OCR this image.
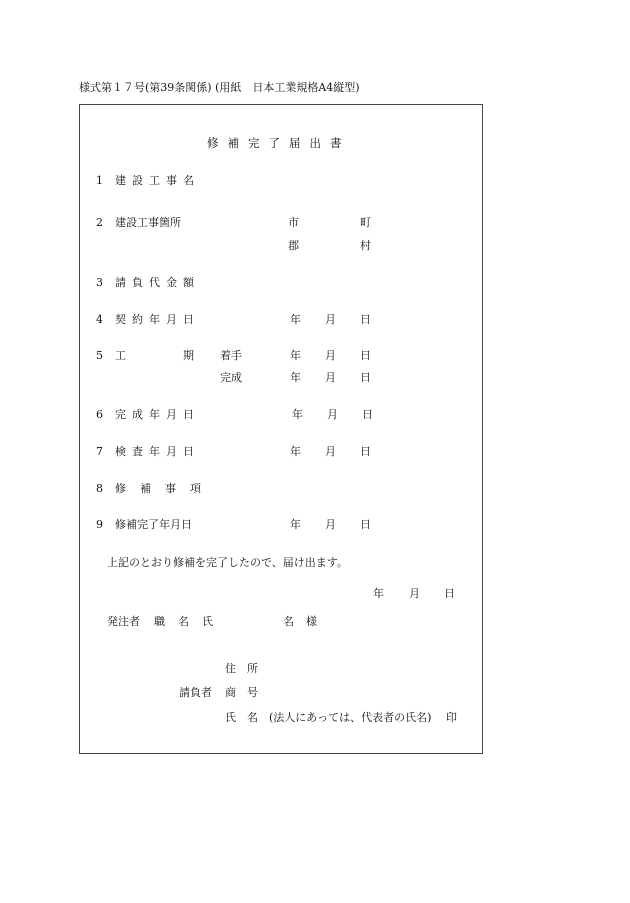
様式第１７号(第39条関係) (用紙　日本工業規格A4縦型)
修補完了届出書
1 建設工事名
2 建設工事箇所	市	町
郡	村
3 請負代金額
4 契約年月日	年 月 日
5 工	期 着手	年 月 日
完成	年 月 日
6 完成年月日	年 月 日
7 検査年月日	年 月 日
8 修補事項
9 修補完了年月日	年 月 日
上記のとおり修補を完了したので、届け出ます。
年 月 日
発注者 職 名 氏	名 様
住　所
請負者 商　号
氏　名 (法人にあっては、代表者の氏名) 印
